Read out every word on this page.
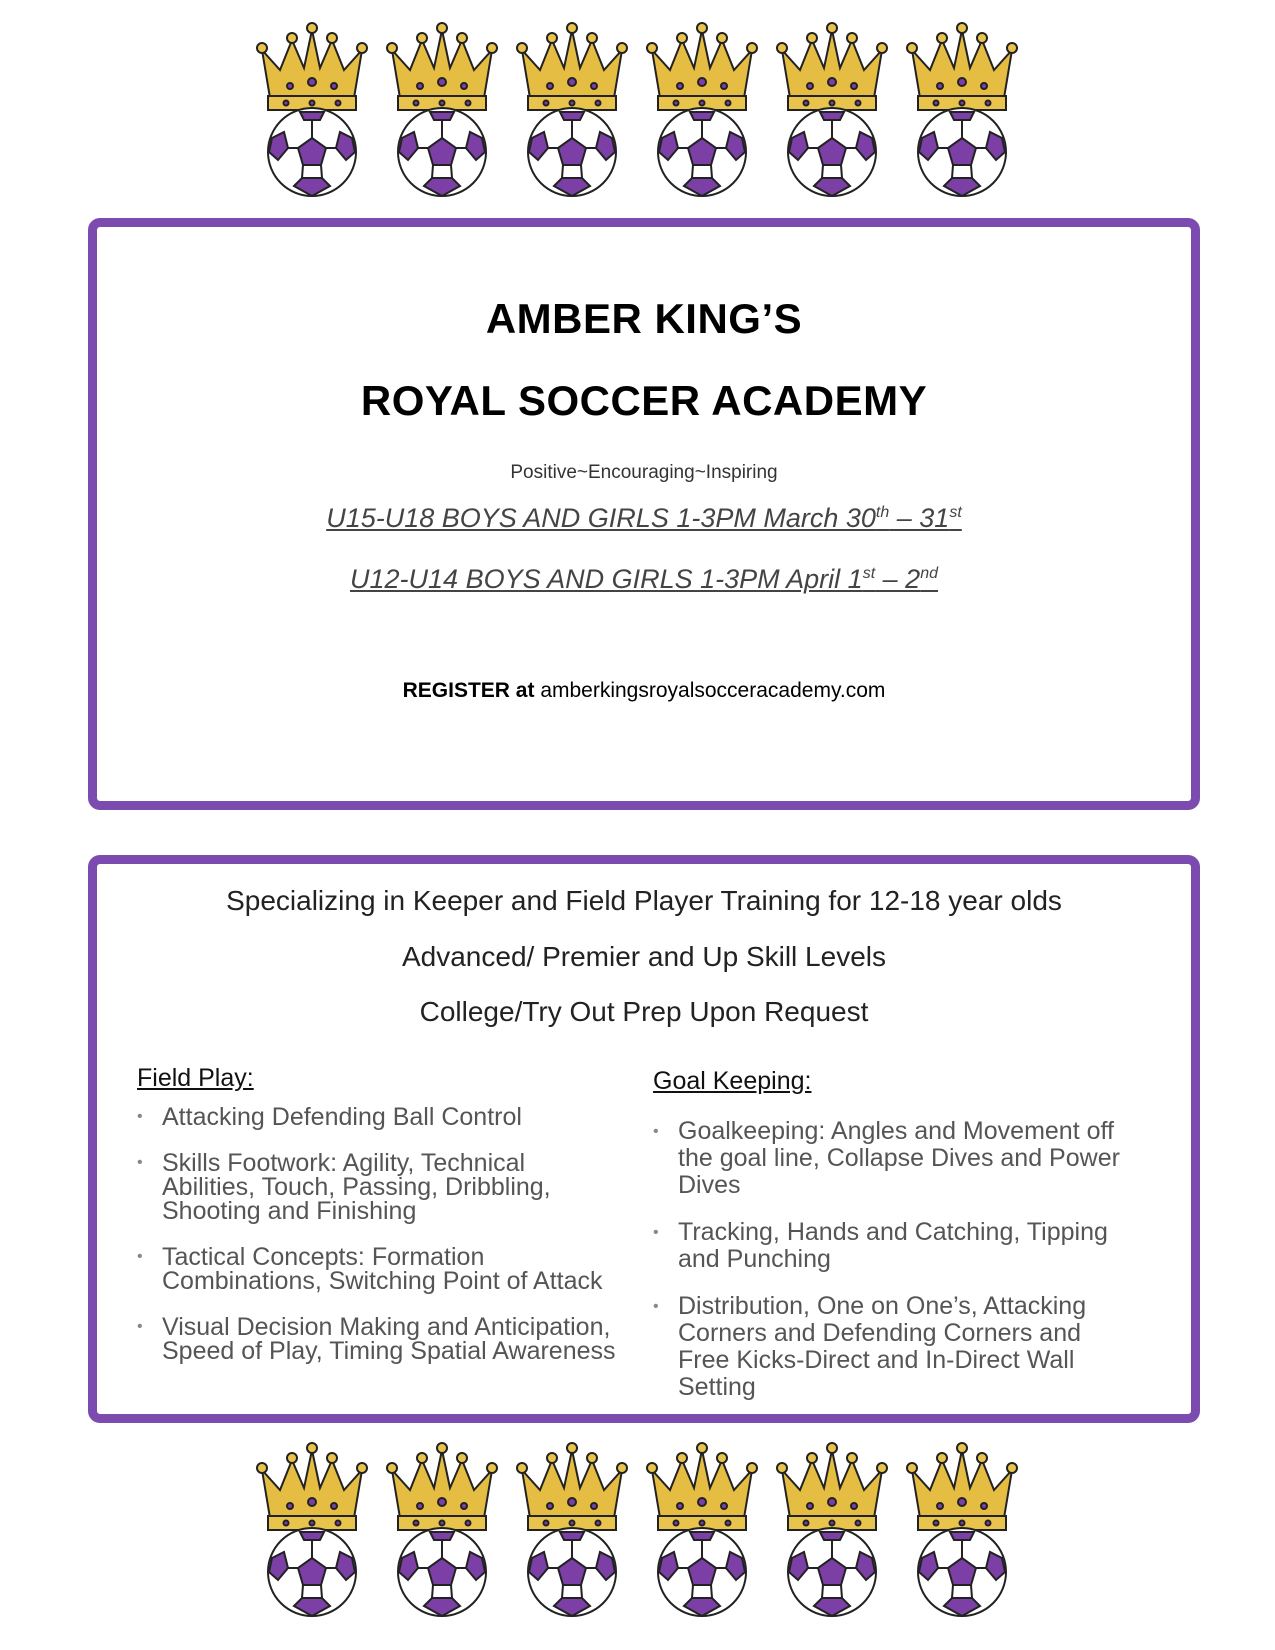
AMBER KING’S
ROYAL SOCCER ACADEMY
Positive~Encouraging~Inspiring
U15-U18 BOYS AND GIRLS 1-3PM March 30th – 31st
U12-U14 BOYS AND GIRLS 1-3PM April 1st – 2nd
REGISTER at amberkingsroyalsocceracademy.com
Specializing in Keeper and Field Player Training for 12-18 year olds
Advanced/ Premier and Up Skill Levels
College/Try Out Prep Upon Request
Field Play:
• Attacking Defending Ball Control
• Skills Footwork: Agility, Technical Abilities, Touch, Passing, Dribbling, Shooting and Finishing
• Tactical Concepts: Formation Combinations, Switching Point of Attack
• Visual Decision Making and Anticipation, Speed of Play, Timing Spatial Awareness
Goal Keeping:
• Goalkeeping: Angles and Movement off the goal line, Collapse Dives and Power Dives
• Tracking, Hands and Catching, Tipping and Punching
• Distribution, One on One’s, Attacking Corners and Defending Corners and Free Kicks-Direct and In-Direct Wall Setting
